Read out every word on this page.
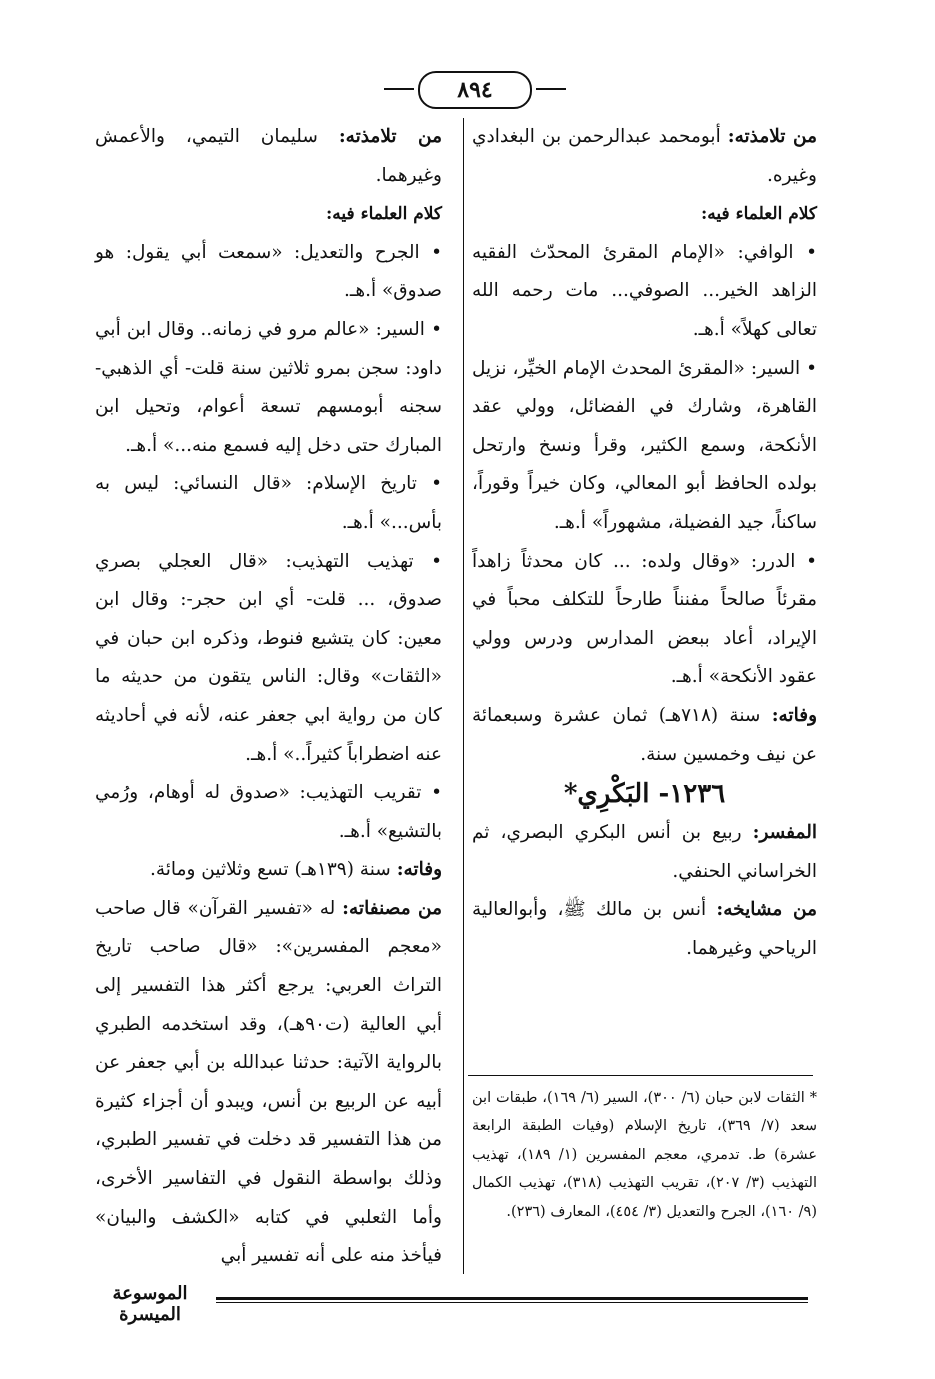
٨٩٤

من تلامذته: أبومحمد عبدالرحمن بن البغدادي وغيره.

كلام العلماء فيه:

• الوافي: «الإمام المقرئ المحدّث الفقيه الزاهد الخير... الصوفي... مات رحمه الله تعالى كهلاً» أ.هـ.

• السير: «المقرئ المحدث الإمام الخيِّر، نزيل القاهرة، وشارك في الفضائل، وولي عقد الأنكحة، وسمع الكثير، وقرأ ونسخ وارتحل بولده الحافظ أبو المعالي، وكان خيراً وقوراً، ساكناً، جيد الفضيلة، مشهوراً» أ.هـ.

• الدرر: «وقال ولده: ... كان محدثاً زاهداً مقرئاً صالحاً مفنناً طارحاً للتكلف محباً في الإيراد، أعاد ببعض المدارس ودرس وولي عقود الأنكحة» أ.هـ.

وفاته: سنة (٧١٨هـ) ثمان عشرة وسبعمائة عن نيف وخمسين سنة.

١٢٣٦- البَكْرِي*

المفسر: ربيع بن أنس البكري البصري، ثم الخراساني الحنفي.

من مشايخه: أنس بن مالك ﷺ، وأبوالعالية الرياحي وغيرهما.

* الثقات لابن حبان (٦/ ٣٠٠)، السير (٦/ ١٦٩)، طبقات ابن سعد (٧/ ٣٦٩)، تاريخ الإسلام (وفيات الطبقة الرابعة عشرة) ط. تدمري، معجم المفسرين (١/ ١٨٩)، تهذيب التهذيب (٣/ ٢٠٧)، تقريب التهذيب (٣١٨)، تهذيب الكمال (٩/ ١٦٠)، الجرح والتعديل (٣/ ٤٥٤)، المعارف (٢٣٦).

من تلامذته: سليمان التيمي، والأعمش وغيرهما.

كلام العلماء فيه:

• الجرح والتعديل: «سمعت أبي يقول: هو صدوق» أ.هـ.

• السير: «عالم مرو في زمانه.. وقال ابن أبي داود: سجن بمرو ثلاثين سنة قلت- أي الذهبي- سجنه أبومسهم تسعة أعوام، وتحيل ابن المبارك حتى دخل إليه فسمع منه...» أ.هـ.

• تاريخ الإسلام: «قال النسائي: ليس به بأس...» أ.هـ.

• تهذيب التهذيب: «قال العجلي بصري صدوق، ... قلت- أي ابن حجر-: وقال ابن معين: كان يتشيع فنوط، وذكره ابن حبان في «الثقات» وقال: الناس يتقون من حديثه ما كان من رواية ابي جعفر عنه، لأنه في أحاديثه عنه اضطراباً كثيراً..» أ.هـ.

• تقريب التهذيب: «صدوق له أوهام، ورُمي بالتشيع» أ.هـ.

وفاته: سنة (١٣٩هـ) تسع وثلاثين ومائة.

من مصنفاته: له «تفسير القرآن» قال صاحب «معجم المفسرين»: «قال صاحب تاريخ التراث العربي: يرجع أكثر هذا التفسير إلى أبي العالية (ت٩٠هـ)، وقد استخدمه الطبري بالرواية الآتية: حدثنا عبدالله بن أبي جعفر عن أبيه عن الربيع بن أنس، ويبدو أن أجزاء كثيرة من هذا التفسير قد دخلت في تفسير الطبري، وذلك بواسطة النقول في التفاسير الأخرى، وأما الثعلبي في كتابه «الكشف والبيان» فيأخذ منه على أنه تفسير أبي

الموسوعة الميسرة
